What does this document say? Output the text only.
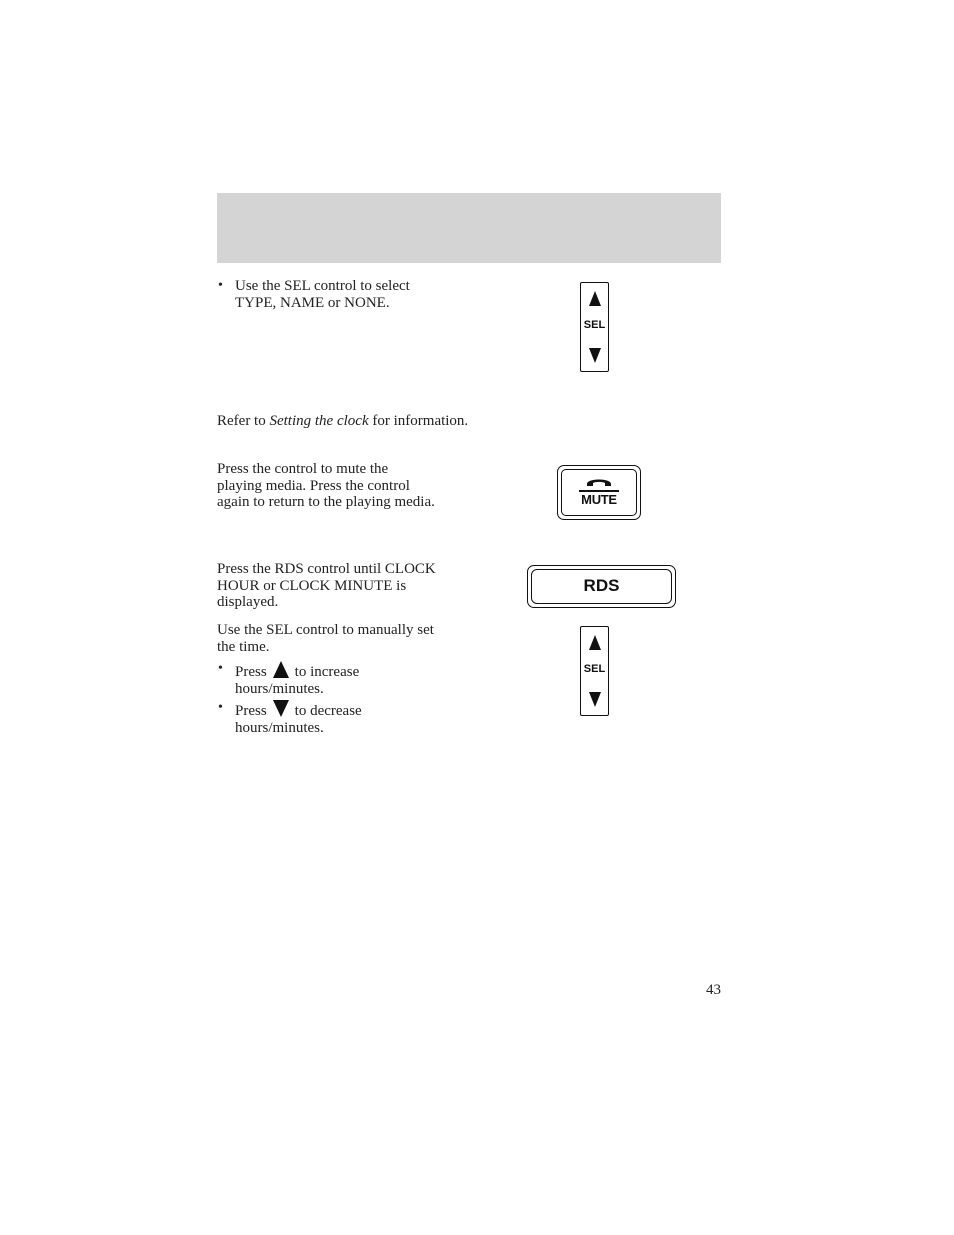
• Use the SEL control to select
TYPE, NAME or NONE.
SEL
Refer to Setting the clock for information.
Press the control to mute the
playing media. Press the control
again to return to the playing media.	MUTE
Press the RDS control until CLOCK
HOUR or CLOCK MINUTE is
displayed.
RDS
Use the SEL control to manually set
the time.
• Press to increase
hours/minutes.
• Press to decrease
hours/minutes.
SEL
43
